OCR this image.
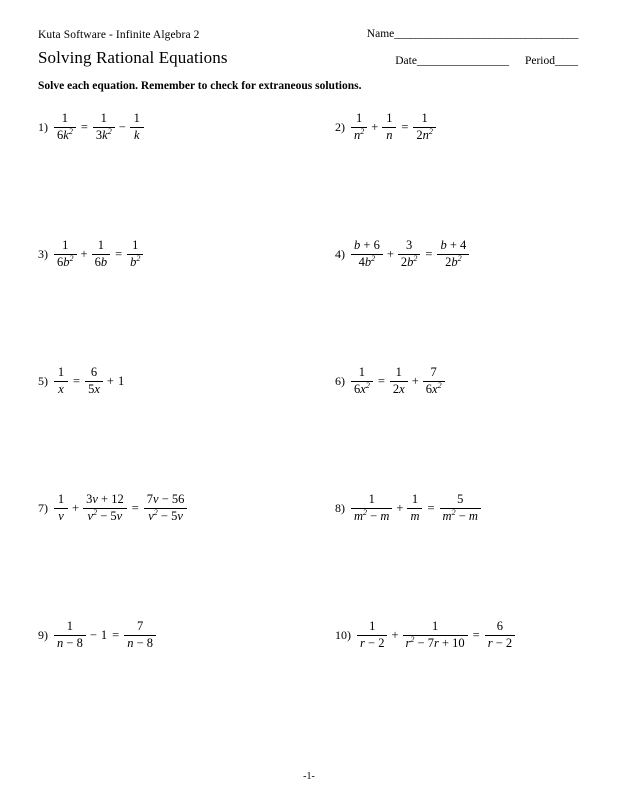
Kuta Software - Infinite Algebra 2	Name___________________________________
Solving Rational Equations	Date________________ Period____
Solve each equation. Remember to check for extraneous solutions.
$1) \frac{1}{6k^2} = \frac{1}{3k^2} - \frac{1}{k}$	$2) \frac{1}{n^2} + \frac{1}{n} = \frac{1}{2n^2}$
$3) \frac{1}{6b^2} + \frac{1}{6b} = \frac{1}{b^2}$	$4) \frac{b + 6}{4b^2} + \frac{3}{2b^2} = \frac{b + 4}{2b^2}$
$5) \frac{1}{x} = \frac{6}{5x} + 1$	$6) \frac{1}{6x^2} = \frac{1}{2x} + \frac{7}{6x^2}$
$7) \frac{1}{v} + \frac{3v + 12}{v^2 - 5v} = \frac{7v - 56}{v^2 - 5v}$	$8) \frac{1}{m^2 - m} + \frac{1}{m} = \frac{5}{m^2 - m}$
$9) \frac{1}{n - 8} - 1 = \frac{7}{n - 8}$	$10) \frac{1}{r - 2} + \frac{1}{r^2 - 7r + 10} = \frac{6}{r - 2}$
-1-
